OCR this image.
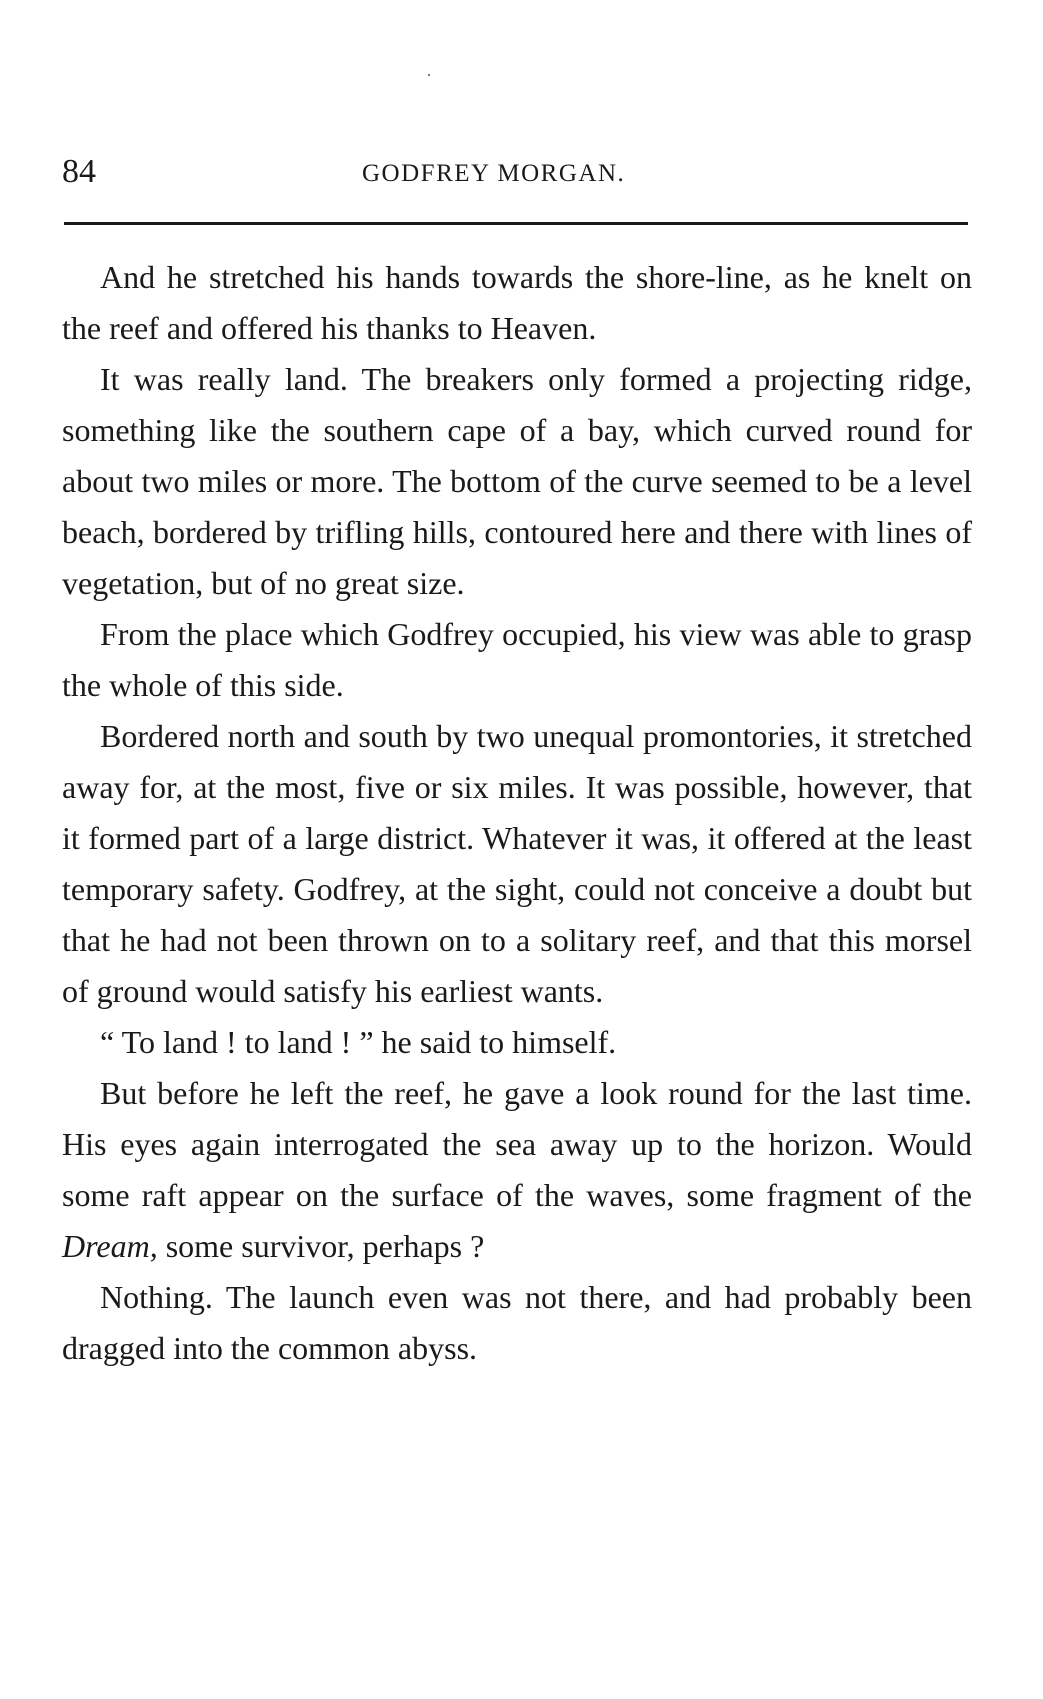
84	GODFREY MORGAN.

And he stretched his hands towards the shore-line, as he knelt on the reef and offered his thanks to Heaven.

It was really land. The breakers only formed a projecting ridge, something like the southern cape of a bay, which curved round for about two miles or more. The bottom of the curve seemed to be a level beach, bordered by trifling hills, contoured here and there with lines of vegetation, but of no great size.

From the place which Godfrey occupied, his view was able to grasp the whole of this side.

Bordered north and south by two unequal promontories, it stretched away for, at the most, five or six miles. It was possible, however, that it formed part of a large district. Whatever it was, it offered at the least temporary safety. Godfrey, at the sight, could not conceive a doubt but that he had not been thrown on to a solitary reef, and that this morsel of ground would satisfy his earliest wants.

“ To land ! to land ! ” he said to himself.

But before he left the reef, he gave a look round for the last time. His eyes again interrogated the sea away up to the horizon. Would some raft appear on the surface of the waves, some fragment of the Dream, some survivor, perhaps ?

Nothing. The launch even was not there, and had probably been dragged into the common abyss.
